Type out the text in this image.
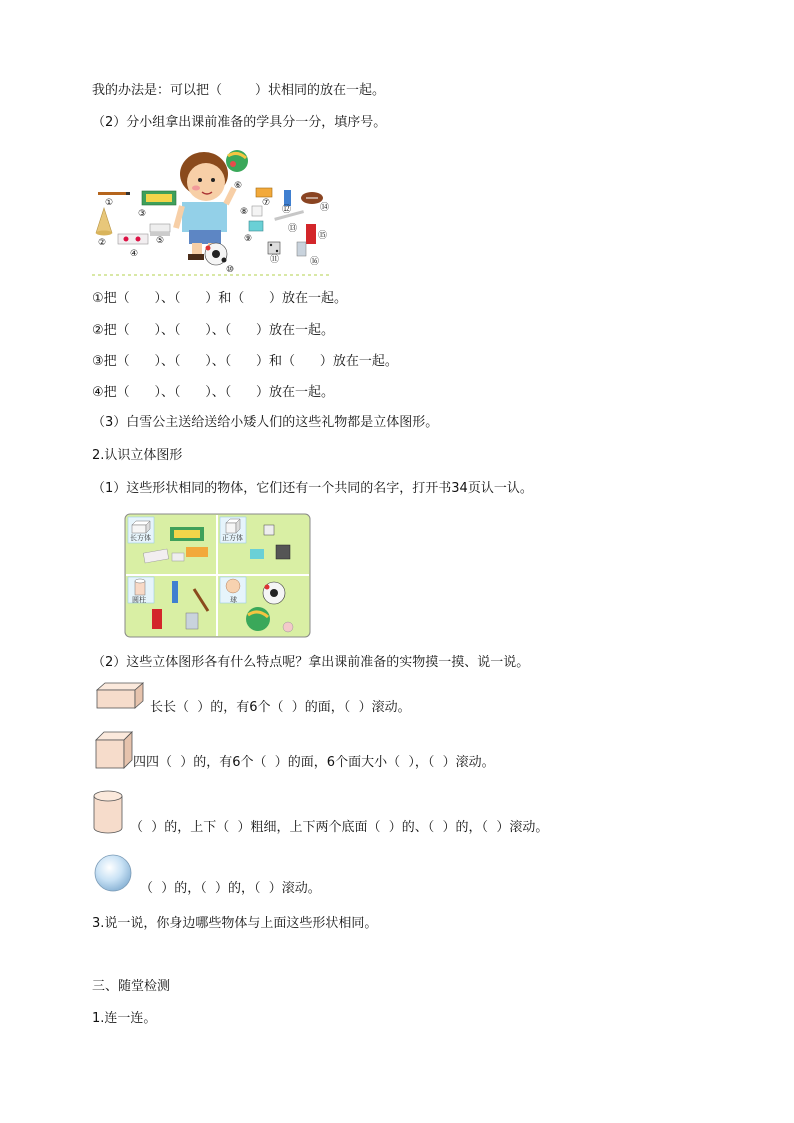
我的办法是：可以把（        ）状相同的放在一起。
（2）分小组拿出课前准备的学具分一分，填序号。
①
②
③
④
⑤
⑥
⑦
⑧
⑨
⑩
⑪
⑫
⑬
⑭
⑮
⑯
①把（      ）、（      ）和（      ）放在一起。
②把（      ）、（      ）、（      ）放在一起。
③把（      ）、（      ）、（      ）和（      ）放在一起。
④把（      ）、（      ）、（      ）放在一起。
（3）白雪公主送给送给小矮人们的这些礼物都是立体图形。
2.认识立体图形
（1）这些形状相同的物体，它们还有一个共同的名字，打开书34页认一认。
长方体	正方体
圆柱	球
（2）这些立体图形各有什么特点呢？拿出课前准备的实物摸一摸、说一说。
长长（  ）的，有6个（  ）的面，（  ）滚动。
四四（  ）的，有6个（  ）的面，6个面大小（  ），（  ）滚动。
（  ）的，上下（  ）粗细，上下两个底面（  ）的、（  ）的，（  ）滚动。
（  ）的，（  ）的，（  ）滚动。
3.说一说，你身边哪些物体与上面这些形状相同。
三、随堂检测
1.连一连。
